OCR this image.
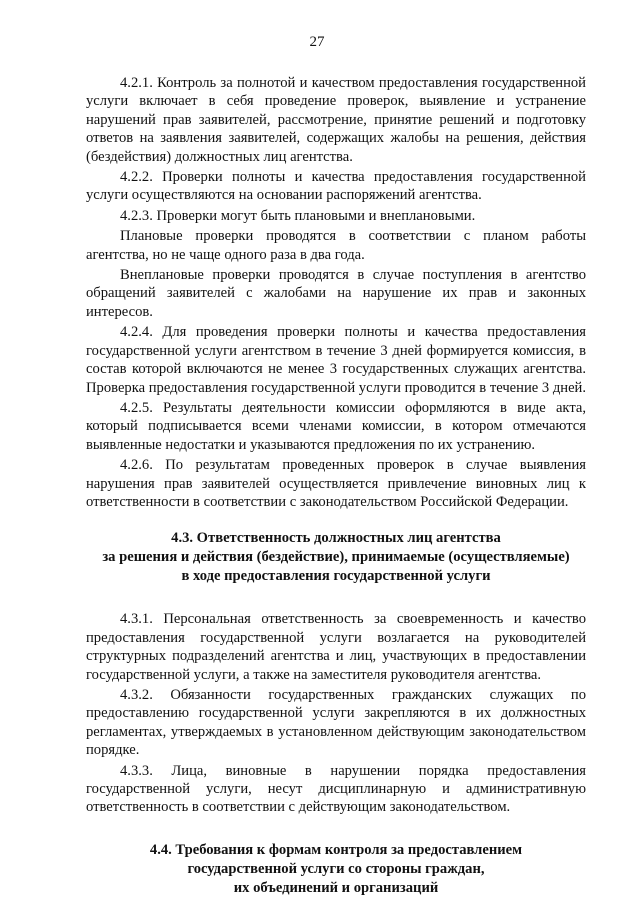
27

4.2.1. Контроль за полнотой и качеством предоставления государственной услуги включает в себя проведение проверок, выявление и устранение нарушений прав заявителей, рассмотрение, принятие решений и подготовку ответов на заявления заявителей, содержащих жалобы на решения, действия (бездействия) должностных лиц агентства.

4.2.2. Проверки полноты и качества предоставления государственной услуги осуществляются на основании распоряжений агентства.

4.2.3. Проверки могут быть плановыми и внеплановыми.

Плановые проверки проводятся в соответствии с планом работы агентства, но не чаще одного раза в два года.

Внеплановые проверки проводятся в случае поступления в агентство обращений заявителей с жалобами на нарушение их прав и законных интересов.

4.2.4. Для проведения проверки полноты и качества предоставления государственной услуги агентством в течение 3 дней формируется комиссия, в состав которой включаются не менее 3 государственных служащих агентства. Проверка предоставления государственной услуги проводится в течение 3 дней.

4.2.5. Результаты деятельности комиссии оформляются в виде акта, который подписывается всеми членами комиссии, в котором отмечаются выявленные недостатки и указываются предложения по их устранению.

4.2.6. По результатам проведенных проверок в случае выявления нарушения прав заявителей осуществляется привлечение виновных лиц к ответственности в соответствии с законодательством Российской Федерации.

4.3. Ответственность должностных лиц агентства
за решения и действия (бездействие), принимаемые (осуществляемые)
в ходе предоставления государственной услуги

4.3.1. Персональная ответственность за своевременность и качество предоставления государственной услуги возлагается на руководителей структурных подразделений агентства и лиц, участвующих в предоставлении государственной услуги, а также на заместителя руководителя агентства.

4.3.2. Обязанности государственных гражданских служащих по предоставлению государственной услуги закрепляются в их должностных регламентах, утверждаемых в установленном действующим законодательством порядке.

4.3.3. Лица, виновные в нарушении порядка предоставления государственной услуги, несут дисциплинарную и административную ответственность в соответствии с действующим законодательством.

4.4. Требования к формам контроля за предоставлением
государственной услуги со стороны граждан,
их объединений и организаций
